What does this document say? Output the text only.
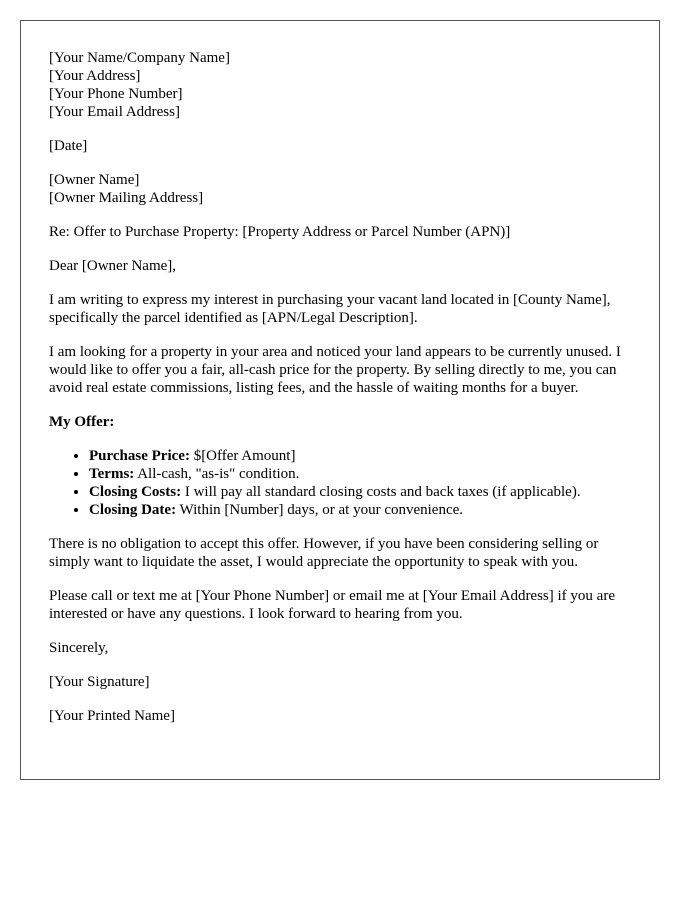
[Your Name/Company Name]
[Your Address]
[Your Phone Number]
[Your Email Address]

[Date]

[Owner Name]
[Owner Mailing Address]

Re: Offer to Purchase Property: [Property Address or Parcel Number (APN)]

Dear [Owner Name],

I am writing to express my interest in purchasing your vacant land located in [County Name], specifically the parcel identified as [APN/Legal Description].

I am looking for a property in your area and noticed your land appears to be currently unused. I would like to offer you a fair, all-cash price for the property. By selling directly to me, you can avoid real estate commissions, listing fees, and the hassle of waiting months for a buyer.

My Offer:

• Purchase Price: $[Offer Amount]
• Terms: All-cash, "as-is" condition.
• Closing Costs: I will pay all standard closing costs and back taxes (if applicable).
• Closing Date: Within [Number] days, or at your convenience.

There is no obligation to accept this offer. However, if you have been considering selling or simply want to liquidate the asset, I would appreciate the opportunity to speak with you.

Please call or text me at [Your Phone Number] or email me at [Your Email Address] if you are interested or have any questions. I look forward to hearing from you.

Sincerely,

[Your Signature]

[Your Printed Name]
